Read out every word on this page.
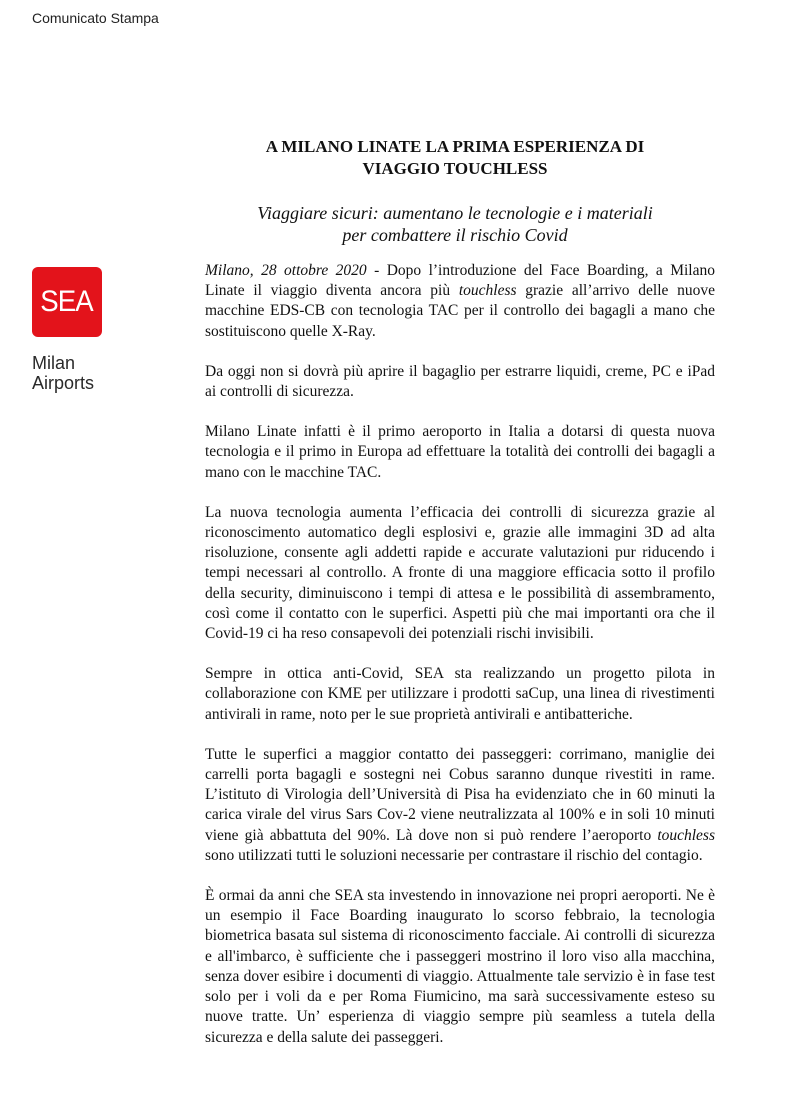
Comunicato Stampa
SEA
Milan
Airports
A MILANO LINATE LA PRIMA ESPERIENZA DI
VIAGGIO TOUCHLESS
Viaggiare sicuri: aumentano le tecnologie e i materiali
per combattere il rischio Covid

Milano, 28 ottobre 2020 - Dopo l’introduzione del Face Boarding, a Milano Linate il viaggio diventa ancora più touchless grazie all’arrivo delle nuove macchine EDS-CB con tecnologia TAC per il controllo dei bagagli a mano che sostituiscono quelle X-Ray.

Da oggi non si dovrà più aprire il bagaglio per estrarre liquidi, creme, PC e iPad ai controlli di sicurezza.

Milano Linate infatti è il primo aeroporto in Italia a dotarsi di questa nuova tecnologia e il primo in Europa ad effettuare la totalità dei controlli dei bagagli a mano con le macchine TAC.

La nuova tecnologia aumenta l’efficacia dei controlli di sicurezza grazie al riconoscimento automatico degli esplosivi e, grazie alle immagini 3D ad alta risoluzione, consente agli addetti rapide e accurate valutazioni pur riducendo i tempi necessari al controllo. A fronte di una maggiore efficacia sotto il profilo della security, diminuiscono i tempi di attesa e le possibilità di assembramento, così come il contatto con le superfici. Aspetti più che mai importanti ora che il Covid-19 ci ha reso consapevoli dei potenziali rischi invisibili.

Sempre in ottica anti-Covid, SEA sta realizzando un progetto pilota in collaborazione con KME per utilizzare i prodotti saCup, una linea di rivestimenti antivirali in rame, noto per le sue proprietà antivirali e antibatteriche.

Tutte le superfici a maggior contatto dei passeggeri: corrimano, maniglie dei carrelli porta bagagli e sostegni nei Cobus saranno dunque rivestiti in rame. L’istituto di Virologia dell’Università di Pisa ha evidenziato che in 60 minuti la carica virale del virus Sars Cov-2 viene neutralizzata al 100% e in soli 10 minuti viene già abbattuta del 90%. Là dove non si può rendere l’aeroporto touchless sono utilizzati tutti le soluzioni necessarie per contrastare il rischio del contagio.

È ormai da anni che SEA sta investendo in innovazione nei propri aeroporti. Ne è un esempio il Face Boarding inaugurato lo scorso febbraio, la tecnologia biometrica basata sul sistema di riconoscimento facciale. Ai controlli di sicurezza e all'imbarco, è sufficiente che i passeggeri mostrino il loro viso alla macchina, senza dover esibire i documenti di viaggio. Attualmente tale servizio è in fase test solo per i voli da e per Roma Fiumicino, ma sarà successivamente esteso su nuove tratte. Un’ esperienza di viaggio sempre più seamless a tutela della sicurezza e della salute dei passeggeri.
